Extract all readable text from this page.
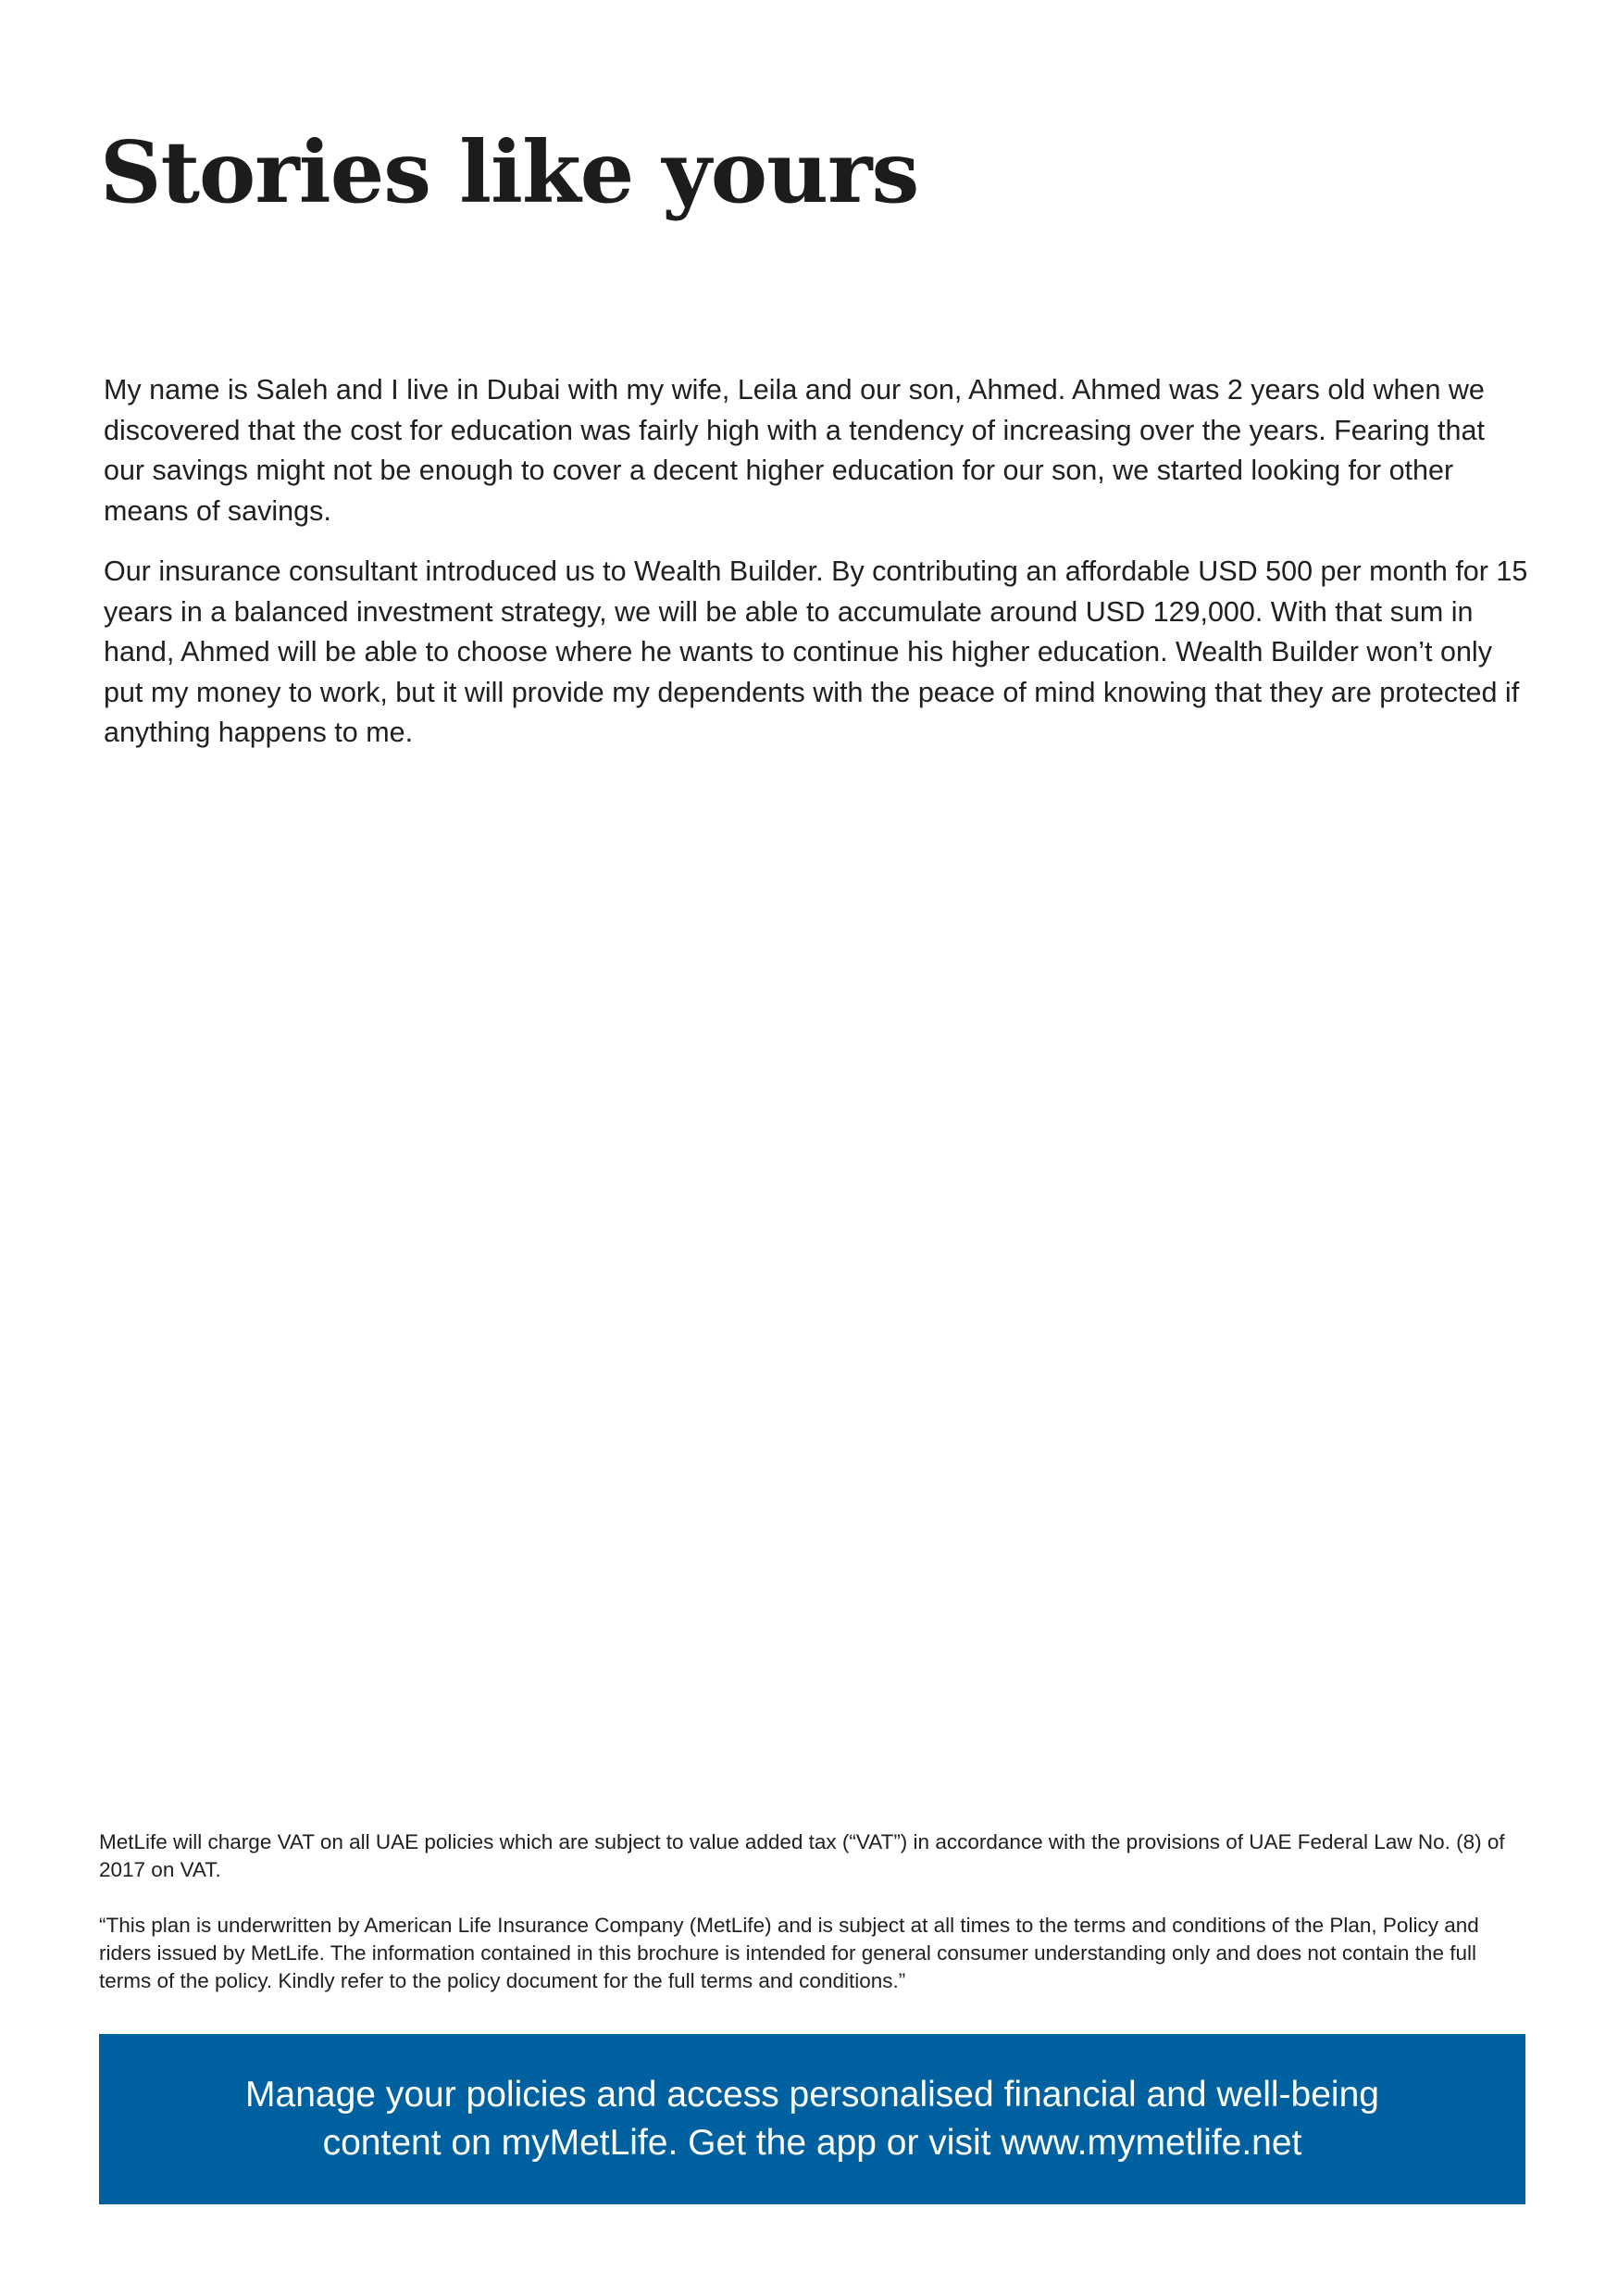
Stories like yours

My name is Saleh and I live in Dubai with my wife, Leila and our son, Ahmed. Ahmed was 2 years old when we discovered that the cost for education was fairly high with a tendency of increasing over the years. Fearing that our savings might not be enough to cover a decent higher education for our son, we started looking for other means of savings.

Our insurance consultant introduced us to Wealth Builder. By contributing an affordable USD 500 per month for 15 years in a balanced investment strategy, we will be able to accumulate around USD 129,000. With that sum in hand, Ahmed will be able to choose where he wants to continue his higher education. Wealth Builder won’t only put my money to work, but it will provide my dependents with the peace of mind knowing that they are protected if anything happens to me.

MetLife will charge VAT on all UAE policies which are subject to value added tax (“VAT”) in accordance with the provisions of UAE Federal Law No. (8) of 2017 on VAT.

“This plan is underwritten by American Life Insurance Company (MetLife) and is subject at all times to the terms and conditions of the Plan, Policy and riders issued by MetLife. The information contained in this brochure is intended for general consumer understanding only and does not contain the full terms of the policy. Kindly refer to the policy document for the full terms and conditions.”

Manage your policies and access personalised financial and well-being
content on myMetLife. Get the app or visit www.mymetlife.net
